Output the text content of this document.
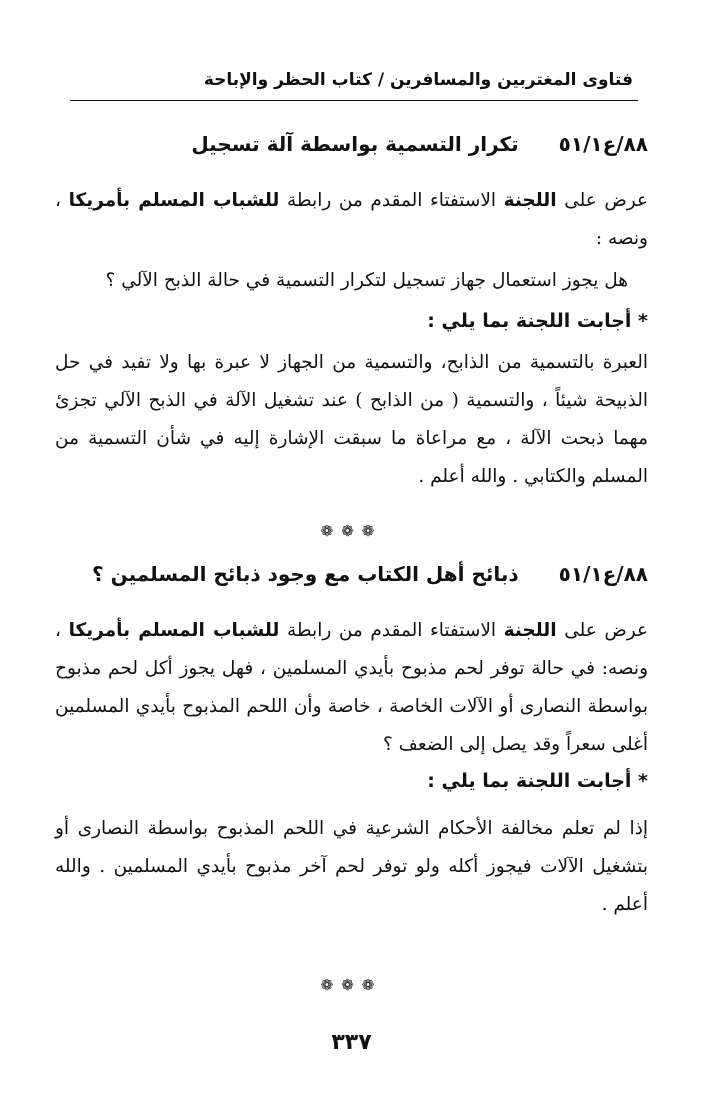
فتاوى المغتربين والمسافرين / كتاب الحظر والإباحة
٨٨/ع٥١/١
تكرار التسمية بواسطة آلة تسجيل
عرض على اللجنة الاستفتاء المقدم من رابطة للشباب المسلم بأمريكا ، ونصه :
هل يجوز استعمال جهاز تسجيل لتكرار التسمية في حالة الذبح الآلي ؟
* أجابت اللجنة بما يلي :
العبرة بالتسمية من الذابح، والتسمية من الجهاز لا عبرة بها ولا تفيد في حل الذبيحة شيئاً ، والتسمية ( من الذابح ) عند تشغيل الآلة في الذبح الآلي تجزئ مهما ذبحت الآلة ، مع مراعاة ما سبقت الإشارة إليه في شأن التسمية من المسلم والكتابي . والله أعلم .
❁❁❁
٨٨/ع٥١/١
ذبائح أهل الكتاب مع وجود ذبائح المسلمين ؟
عرض على اللجنة الاستفتاء المقدم من رابطة للشباب المسلم بأمريكا ، ونصه: في حالة توفر لحم مذبوح بأيدي المسلمين ، فهل يجوز أكل لحم مذبوح بواسطة النصارى أو الآلات الخاصة ، خاصة وأن اللحم المذبوح بأيدي المسلمين أغلى سعراً وقد يصل إلى الضعف ؟
* أجابت اللجنة بما يلي :
إذا لم تعلم مخالفة الأحكام الشرعية في اللحم المذبوح بواسطة النصارى أو بتشغيل الآلات فيجوز أكله ولو توفر لحم آخر مذبوح بأيدي المسلمين . والله أعلم .
❁❁❁
٣٣٧
